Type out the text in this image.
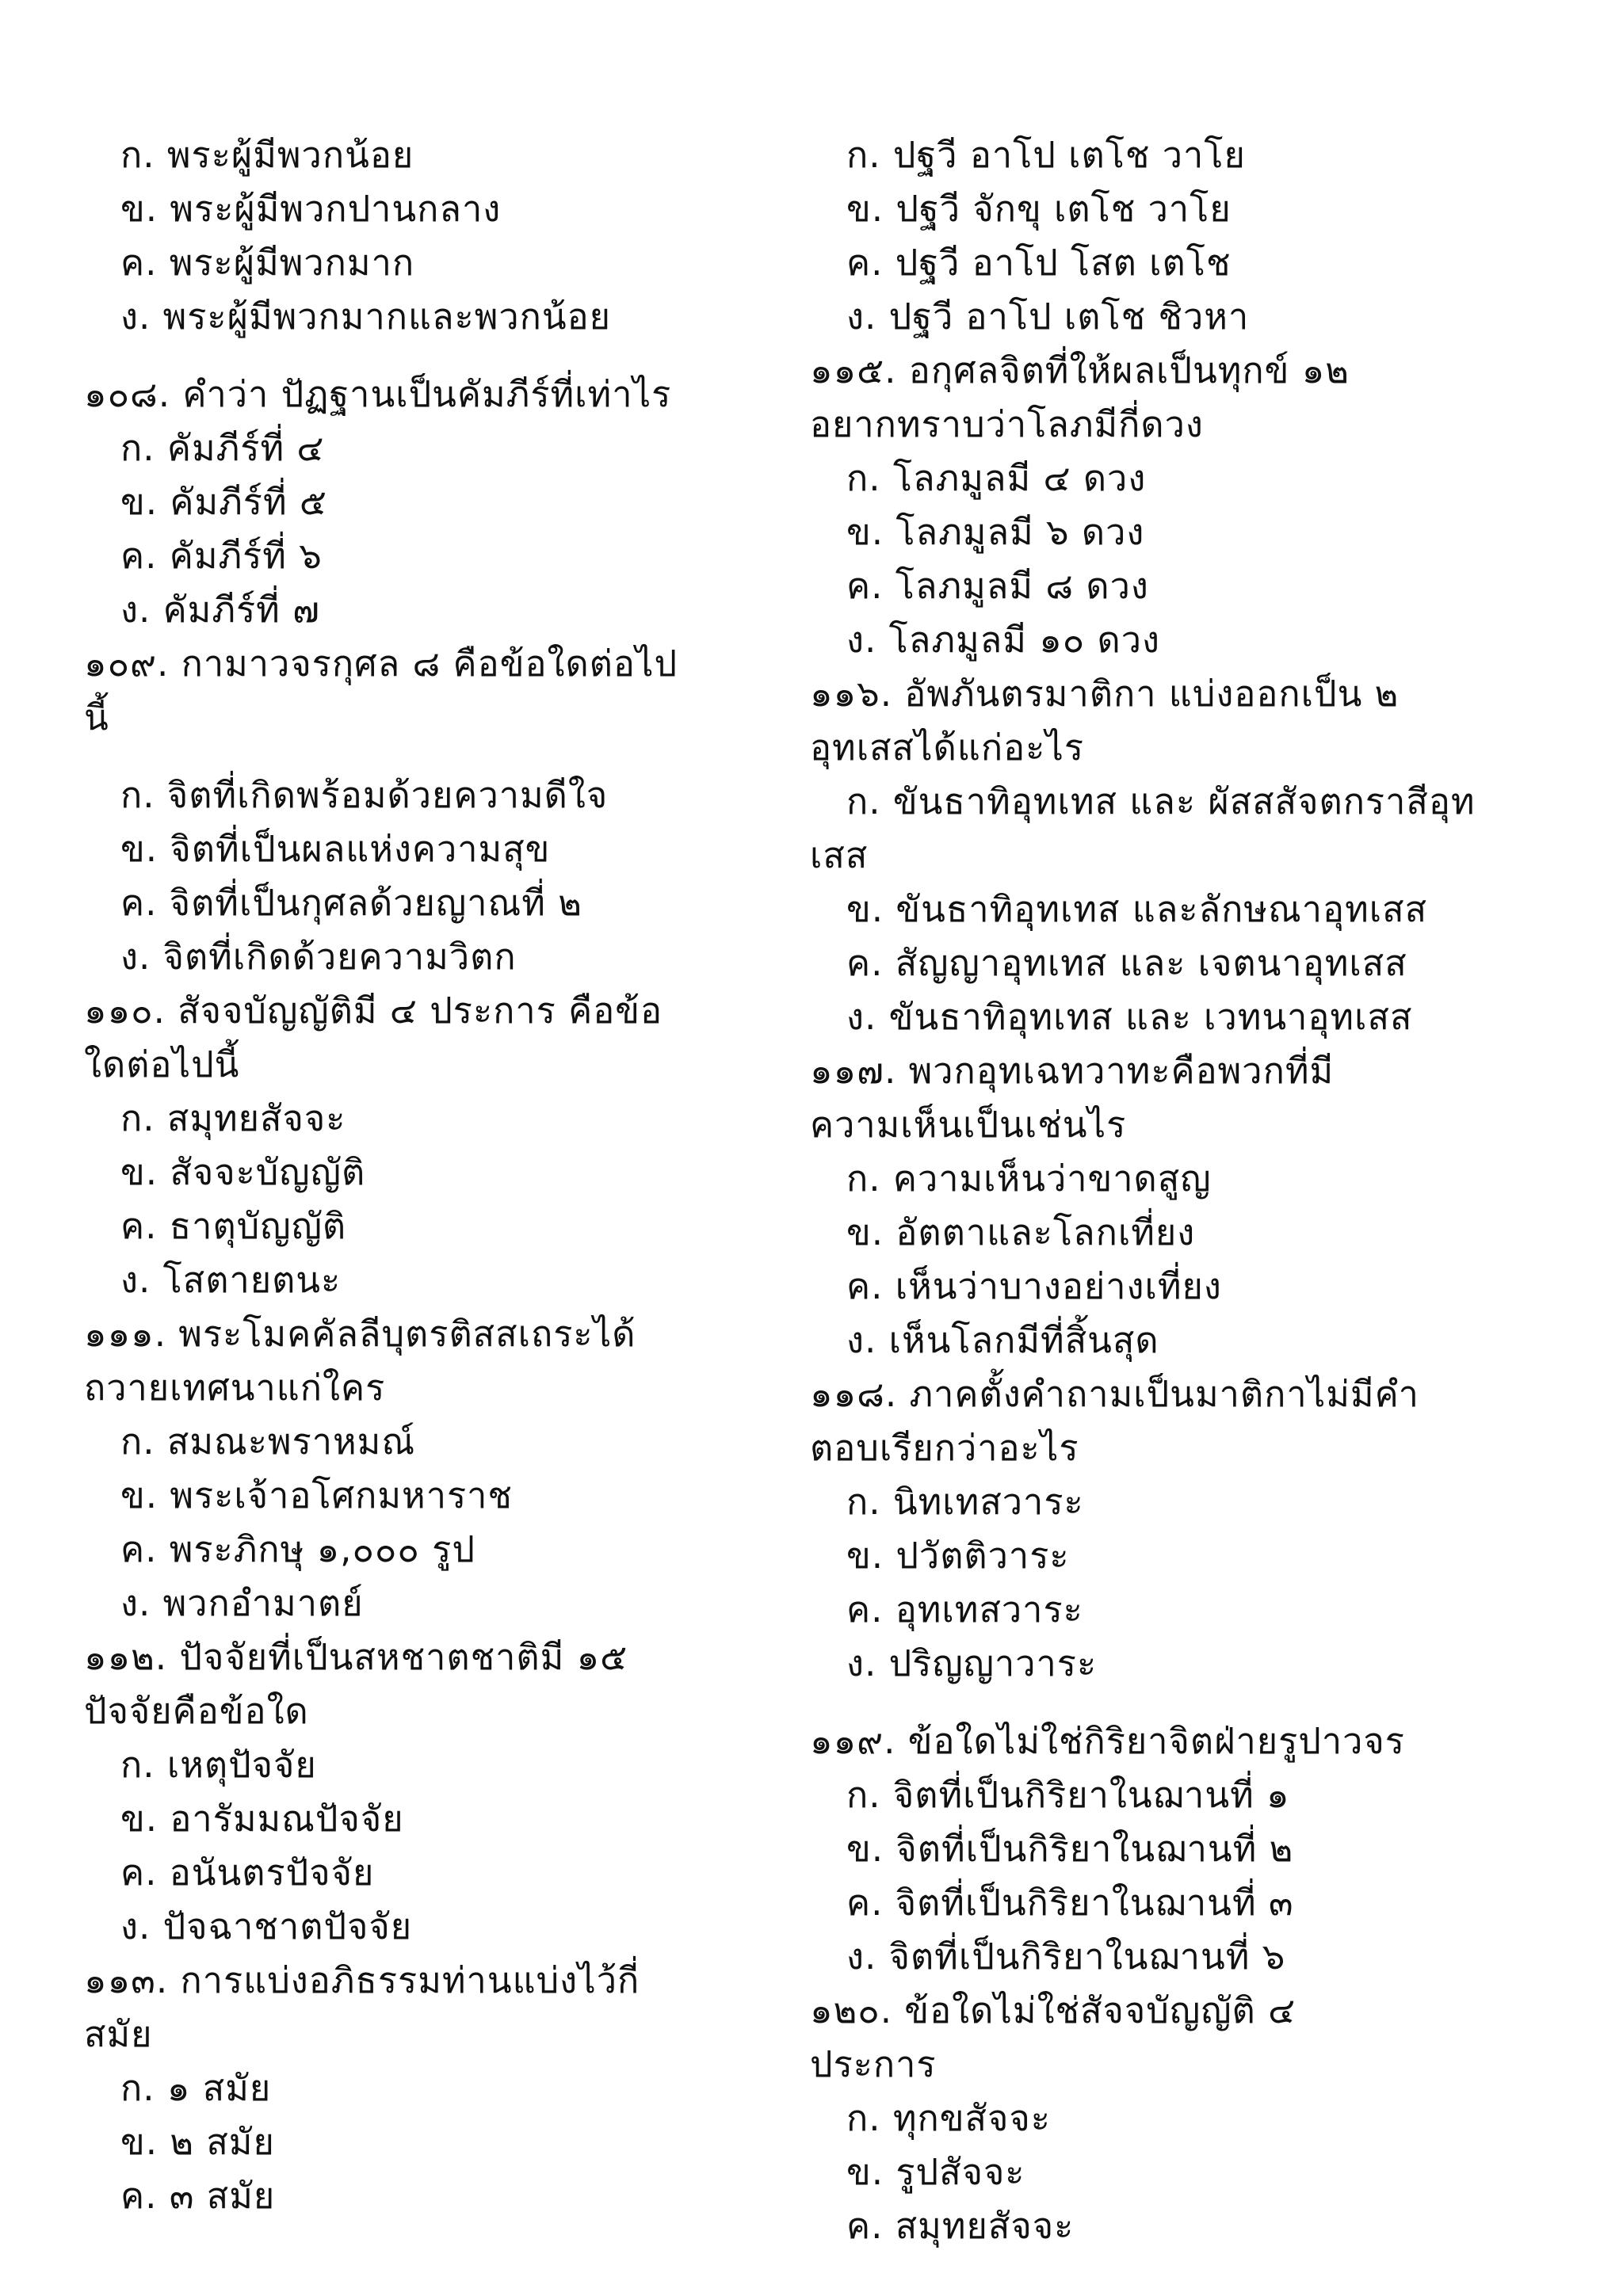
ก. พระผู้มีพวกน้อย
ข. พระผู้มีพวกปานกลาง
ค. พระผู้มีพวกมาก
ง. พระผู้มีพวกมากและพวกน้อย
๑๐๘. คำว่า ปัฏฐานเป็นคัมภีร์ที่เท่าไร
ก. คัมภีร์ที่ ๔
ข. คัมภีร์ที่ ๕
ค. คัมภีร์ที่ ๖
ง. คัมภีร์ที่ ๗
๑๐๙. กามาวจรกุศล ๘ คือข้อใดต่อไป
นี้
ก. จิตที่เกิดพร้อมด้วยความดีใจ
ข. จิตที่เป็นผลแห่งความสุข
ค. จิตที่เป็นกุศลด้วยญาณที่ ๒
ง. จิตที่เกิดด้วยความวิตก
๑๑๐. สัจจบัญญัติมี ๔ ประการ คือข้อ
ใดต่อไปนี้
ก. สมุทยสัจจะ
ข. สัจจะบัญญัติ
ค. ธาตุบัญญัติ
ง. โสตายตนะ
๑๑๑. พระโมคคัลลีบุตรติสสเถระได้
ถวายเทศนาแก่ใคร
ก. สมณะพราหมณ์
ข. พระเจ้าอโศกมหาราช
ค. พระภิกษุ ๑,๐๐๐ รูป
ง. พวกอำมาตย์
๑๑๒. ปัจจัยที่เป็นสหชาตชาติมี ๑๕
ปัจจัยคือข้อใด
ก. เหตุปัจจัย
ข. อารัมมณปัจจัย
ค. อนันตรปัจจัย
ง. ปัจฉาชาตปัจจัย
๑๑๓. การแบ่งอภิธรรมท่านแบ่งไว้กี่
สมัย
ก. ๑ สมัย
ข. ๒ สมัย
ค. ๓ สมัย
ก. ปฐวี อาโป เตโช วาโย
ข. ปฐวี จักขุ เตโช วาโย
ค. ปฐวี อาโป โสต เตโช
ง. ปฐวี อาโป เตโช ชิวหา
๑๑๕. อกุศลจิตที่ให้ผลเป็นทุกข์ ๑๒
อยากทราบว่าโลภมีกี่ดวง
ก. โลภมูลมี ๔ ดวง
ข. โลภมูลมี ๖ ดวง
ค. โลภมูลมี ๘ ดวง
ง. โลภมูลมี ๑๐ ดวง
๑๑๖. อัพภันตรมาติกา แบ่งออกเป็น ๒
อุทเสสได้แก่อะไร
ก. ขันธาทิอุทเทส และ ผัสสสัจตกราสีอุท
เสส
ข. ขันธาทิอุทเทส และลักษณาอุทเสส
ค. สัญญาอุทเทส และ เจตนาอุทเสส
ง. ขันธาทิอุทเทส และ เวทนาอุทเสส
๑๑๗. พวกอุทเฉทวาทะคือพวกที่มี
ความเห็นเป็นเช่นไร
ก. ความเห็นว่าขาดสูญ
ข. อัตตาและโลกเที่ยง
ค. เห็นว่าบางอย่างเที่ยง
ง. เห็นโลกมีที่สิ้นสุด
๑๑๘. ภาคตั้งคำถามเป็นมาติกาไม่มีคำ
ตอบเรียกว่าอะไร
ก. นิทเทสวาระ
ข. ปวัตติวาระ
ค. อุทเทสวาระ
ง. ปริญญาวาระ
๑๑๙. ข้อใดไม่ใช่กิริยาจิตฝ่ายรูปาวจร
ก. จิตที่เป็นกิริยาในฌานที่ ๑
ข. จิตที่เป็นกิริยาในฌานที่ ๒
ค. จิตที่เป็นกิริยาในฌานที่ ๓
ง. จิตที่เป็นกิริยาในฌานที่ ๖
๑๒๐. ข้อใดไม่ใช่สัจจบัญญัติ ๔
ประการ
ก. ทุกขสัจจะ
ข. รูปสัจจะ
ค. สมุทยสัจจะ
